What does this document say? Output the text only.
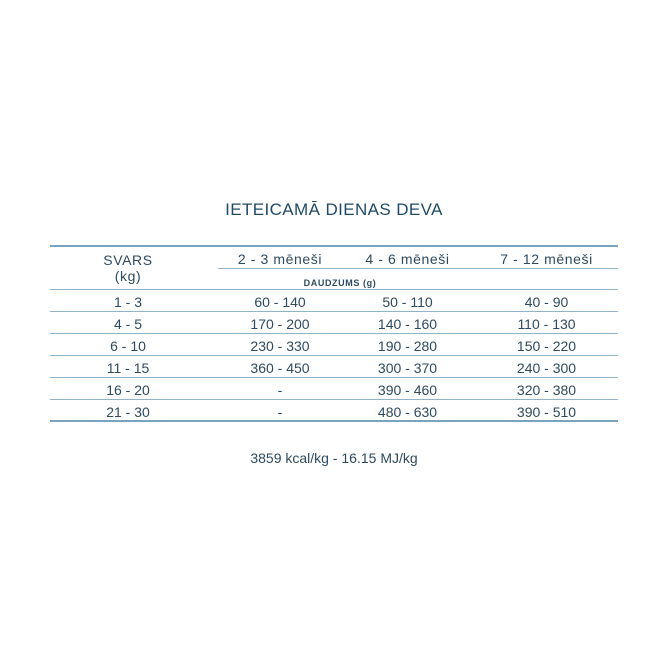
IETEICAMĀ DIENAS DEVA
SVARS
(kg)
2 - 3 mēneši	4 - 6 mēneši	7 - 12 mēneši
DAUDZUMS (g)
1 - 3	60 - 140	50 - 110	40 - 90
4 - 5	170 - 200	140 - 160	110 - 130
6 - 10	230 - 330	190 - 280	150 - 220
11 - 15	360 - 450	300 - 370	240 - 300
16 - 20	-	390 - 460	320 - 380
21 - 30	-	480 - 630	390 - 510
3859 kcal/kg - 16.15 MJ/kg
